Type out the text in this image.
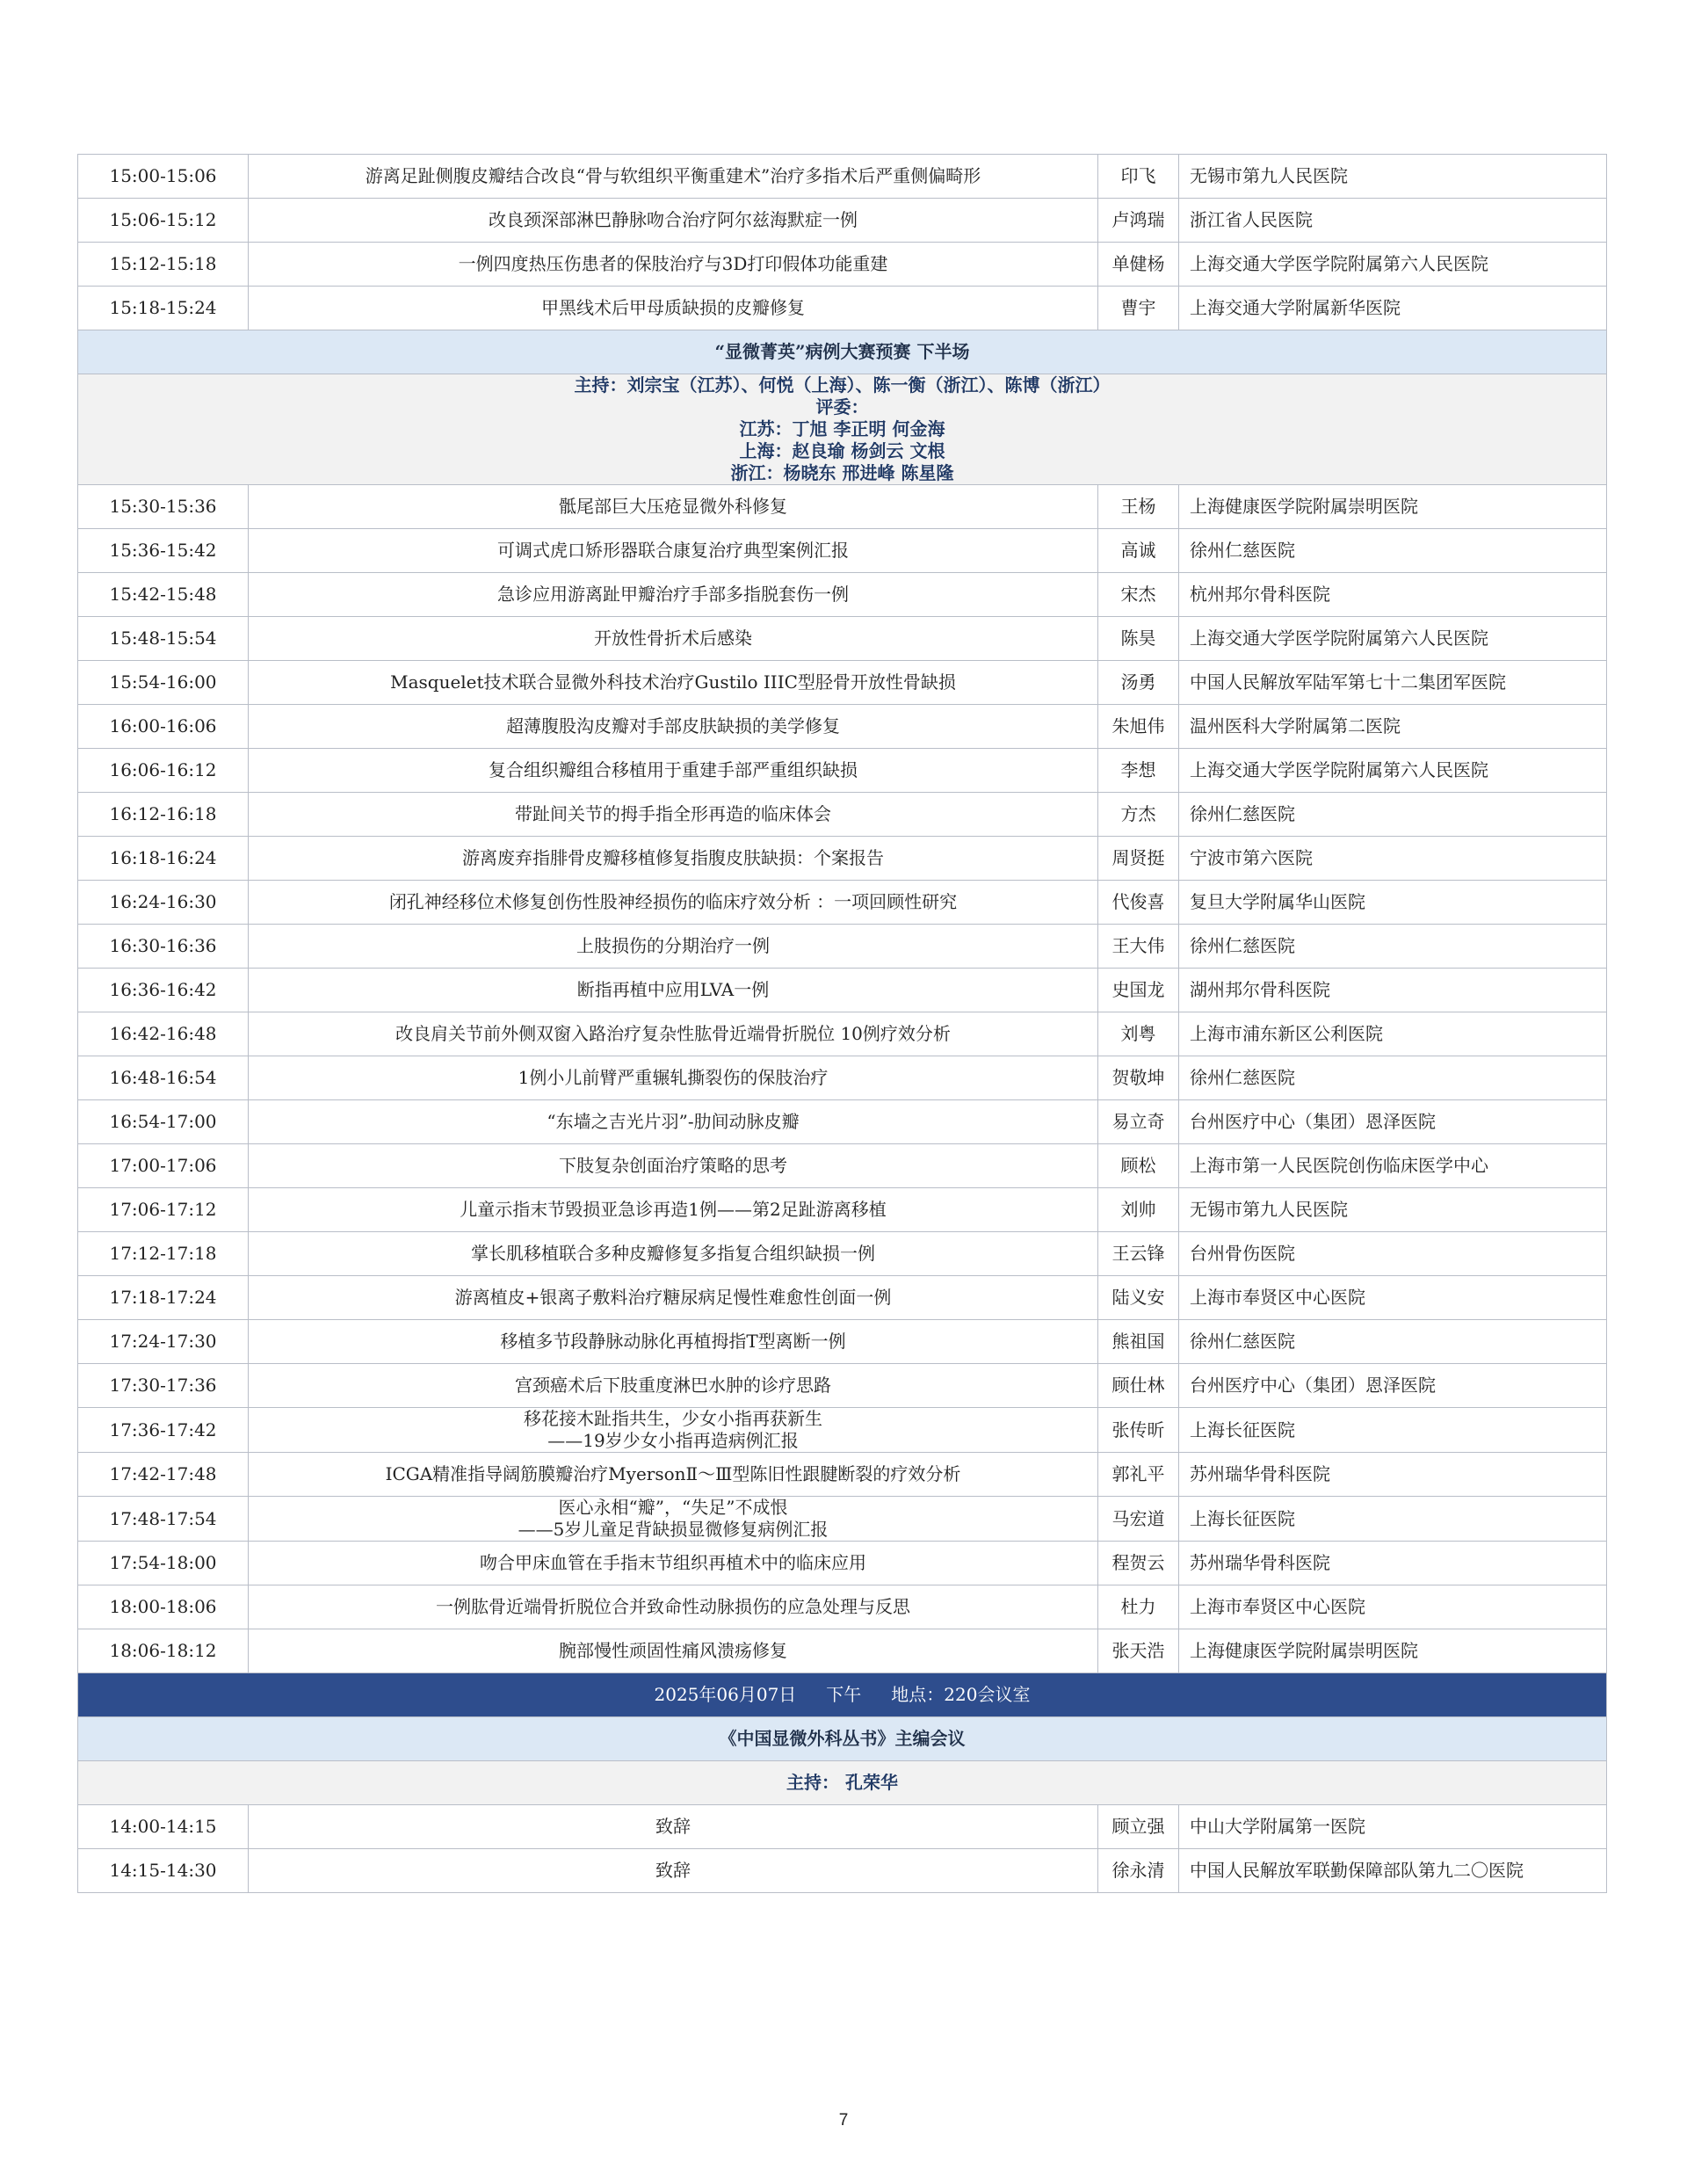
15:00-15:06	游离足趾侧腹皮瓣结合改良“骨与软组织平衡重建术”治疗多指术后严重侧偏畸形	印飞	无锡市第九人民医院
15:06-15:12	改良颈深部淋巴静脉吻合治疗阿尔兹海默症一例	卢鸿瑞	浙江省人民医院
15:12-15:18	一例四度热压伤患者的保肢治疗与3D打印假体功能重建	单健杨	上海交通大学医学院附属第六人民医院
15:18-15:24	甲黑线术后甲母质缺损的皮瓣修复	曹宇	上海交通大学附属新华医院
“显微菁英”病例大赛预赛 下半场			

主持：刘宗宝（江苏）、何悦（上海）、陈一衡（浙江）、陈博（浙江）
评委：
江苏：丁旭 李正明 何金海
上海：赵良瑜 杨剑云 文根
浙江：杨晓东 邢进峰 陈星隆			

15:30-15:36	骶尾部巨大压疮显微外科修复	王杨	上海健康医学院附属崇明医院
15:36-15:42	可调式虎口矫形器联合康复治疗典型案例汇报	高诚	徐州仁慈医院
15:42-15:48	急诊应用游离趾甲瓣治疗手部多指脱套伤一例	宋杰	杭州邦尔骨科医院
15:48-15:54	开放性骨折术后感染	陈昊	上海交通大学医学院附属第六人民医院
15:54-16:00	Masquelet技术联合显微外科技术治疗Gustilo IIIC型胫骨开放性骨缺损	汤勇	中国人民解放军陆军第七十二集团军医院
16:00-16:06	超薄腹股沟皮瓣对手部皮肤缺损的美学修复	朱旭伟	温州医科大学附属第二医院
16:06-16:12	复合组织瓣组合移植用于重建手部严重组织缺损	李想	上海交通大学医学院附属第六人民医院
16:12-16:18	带趾间关节的拇手指全形再造的临床体会	方杰	徐州仁慈医院
16:18-16:24	游离废弃指腓骨皮瓣移植修复指腹皮肤缺损：个案报告	周贤挺	宁波市第六医院
16:24-16:30	闭孔神经移位术修复创伤性股神经损伤的临床疗效分析 ：一项回顾性研究	代俊喜	复旦大学附属华山医院
16:30-16:36	上肢损伤的分期治疗一例	王大伟	徐州仁慈医院
16:36-16:42	断指再植中应用LVA一例	史国龙	湖州邦尔骨科医院
16:42-16:48	改良肩关节前外侧双窗入路治疗复杂性肱骨近端骨折脱位 10例疗效分析	刘粤	上海市浦东新区公利医院
16:48-16:54	1例小儿前臂严重辗轧撕裂伤的保肢治疗	贺敬坤	徐州仁慈医院
16:54-17:00	“东墙之吉光片羽”-肋间动脉皮瓣	易立奇	台州医疗中心（集团）恩泽医院
17:00-17:06	下肢复杂创面治疗策略的思考	顾松	上海市第一人民医院创伤临床医学中心
17:06-17:12	儿童示指末节毁损亚急诊再造1例——第2足趾游离移植	刘帅	无锡市第九人民医院
17:12-17:18	掌长肌移植联合多种皮瓣修复多指复合组织缺损一例	王云锋	台州骨伤医院
17:18-17:24	游离植皮+银离子敷料治疗糖尿病足慢性难愈性创面一例	陆义安	上海市奉贤区中心医院
17:24-17:30	移植多节段静脉动脉化再植拇指T型离断一例	熊祖国	徐州仁慈医院
17:30-17:36	宫颈癌术后下肢重度淋巴水肿的诊疗思路	顾仕林	台州医疗中心（集团）恩泽医院
17:36-17:42	移花接木趾指共生，少女小指再获新生
——19岁少女小指再造病例汇报	张传昕	上海长征医院
17:42-17:48	ICGA精准指导阔筋膜瓣治疗MyersonⅡ～Ⅲ型陈旧性跟腱断裂的疗效分析	郭礼平	苏州瑞华骨科医院
17:48-17:54	医心永相“瓣”，“失足”不成恨
——5岁儿童足背缺损显微修复病例汇报	马宏道	上海长征医院
17:54-18:00	吻合甲床血管在手指末节组织再植术中的临床应用	程贺云	苏州瑞华骨科医院
18:00-18:06	一例肱骨近端骨折脱位合并致命性动脉损伤的应急处理与反思	杜力	上海市奉贤区中心医院
18:06-18:12	腕部慢性顽固性痛风溃疡修复	张天浩	上海健康医学院附属崇明医院
2025年06月07日 下午 地点：220会议室			
《中国显微外科丛书》主编会议			
主持： 孔荣华			
14:00-14:15	致辞	顾立强	中山大学附属第一医院
14:15-14:30	致辞	徐永清	中国人民解放军联勤保障部队第九二〇医院
7
